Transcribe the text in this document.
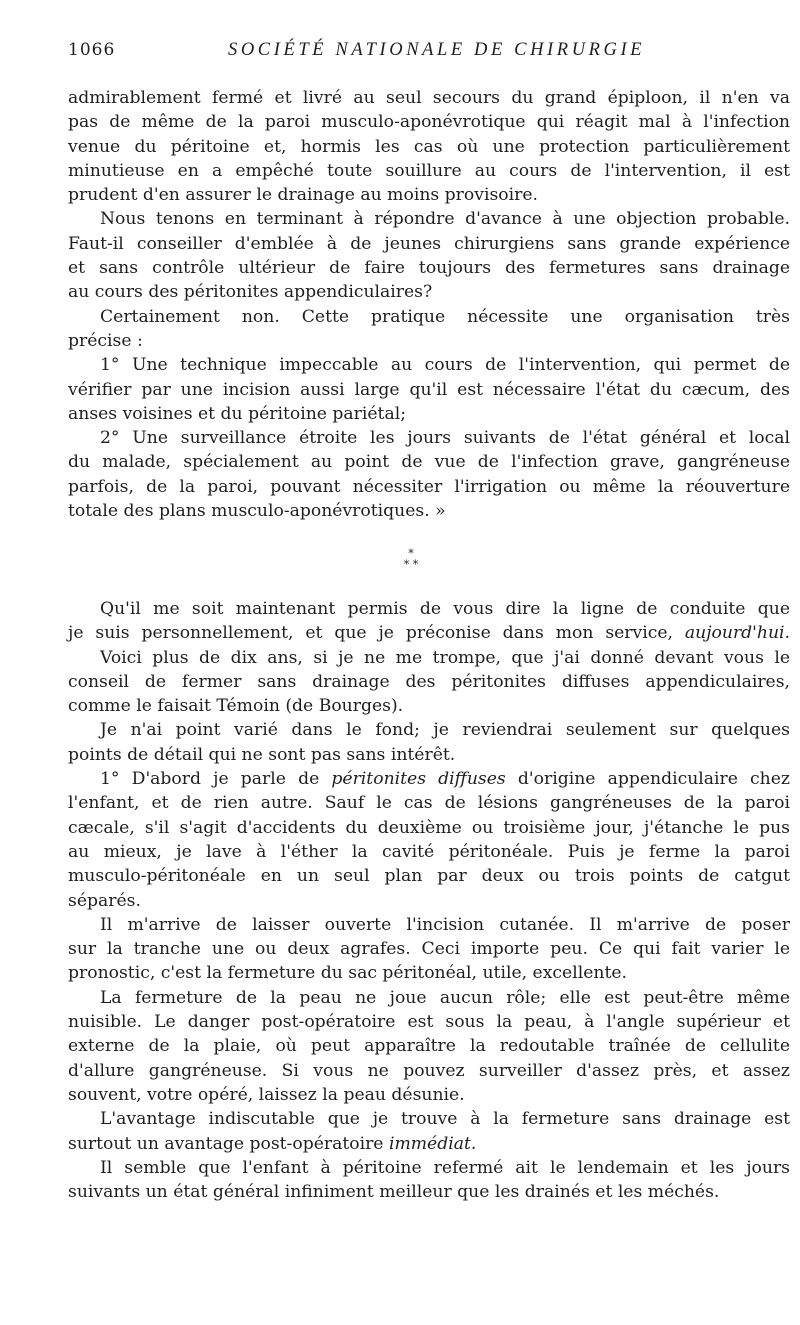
1066	SOCIÉTÉ NATIONALE DE CHIRURGIE
admirablement fermé et livré au seul secours du grand épiploon, il n'en va
pas de même de la paroi musculo-aponévrotique qui réagit mal à l'infection
venue du péritoine et, hormis les cas où une protection particulièrement
minutieuse en a empêché toute souillure au cours de l'intervention, il est
prudent d'en assurer le drainage au moins provisoire.
Nous tenons en terminant à répondre d'avance à une objection probable.
Faut-il conseiller d'emblée à de jeunes chirurgiens sans grande expérience
et sans contrôle ultérieur de faire toujours des fermetures sans drainage
au cours des péritonites appendiculaires?
Certainement non. Cette pratique nécessite une organisation très
précise :
1° Une technique impeccable au cours de l'intervention, qui permet de
vérifier par une incision aussi large qu'il est nécessaire l'état du cæcum, des
anses voisines et du péritoine pariétal;
2° Une surveillance étroite les jours suivants de l'état général et local
du malade, spécialement au point de vue de l'infection grave, gangréneuse
parfois, de la paroi, pouvant nécessiter l'irrigation ou même la réouverture
totale des plans musculo-aponévrotiques. »
*
* *
Qu'il me soit maintenant permis de vous dire la ligne de conduite que
je suis personnellement, et que je préconise dans mon service, aujourd'hui.
Voici plus de dix ans, si je ne me trompe, que j'ai donné devant vous le
conseil de fermer sans drainage des péritonites diffuses appendiculaires,
comme le faisait Témoin (de Bourges).
Je n'ai point varié dans le fond; je reviendrai seulement sur quelques
points de détail qui ne sont pas sans intérêt.
1° D'abord je parle de péritonites diffuses d'origine appendiculaire chez
l'enfant, et de rien autre. Sauf le cas de lésions gangréneuses de la paroi
cæcale, s'il s'agit d'accidents du deuxième ou troisième jour, j'étanche le pus
au mieux, je lave à l'éther la cavité péritonéale. Puis je ferme la paroi
musculo-péritonéale en un seul plan par deux ou trois points de catgut
séparés.
Il m'arrive de laisser ouverte l'incision cutanée. Il m'arrive de poser
sur la tranche une ou deux agrafes. Ceci importe peu. Ce qui fait varier le
pronostic, c'est la fermeture du sac péritonéal, utile, excellente.
La fermeture de la peau ne joue aucun rôle; elle est peut-être même
nuisible. Le danger post-opératoire est sous la peau, à l'angle supérieur et
externe de la plaie, où peut apparaître la redoutable traînée de cellulite
d'allure gangréneuse. Si vous ne pouvez surveiller d'assez près, et assez
souvent, votre opéré, laissez la peau désunie.
L'avantage indiscutable que je trouve à la fermeture sans drainage est
surtout un avantage post-opératoire immédiat.
Il semble que l'enfant à péritoine refermé ait le lendemain et les jours
suivants un état général infiniment meilleur que les drainés et les méchés.
